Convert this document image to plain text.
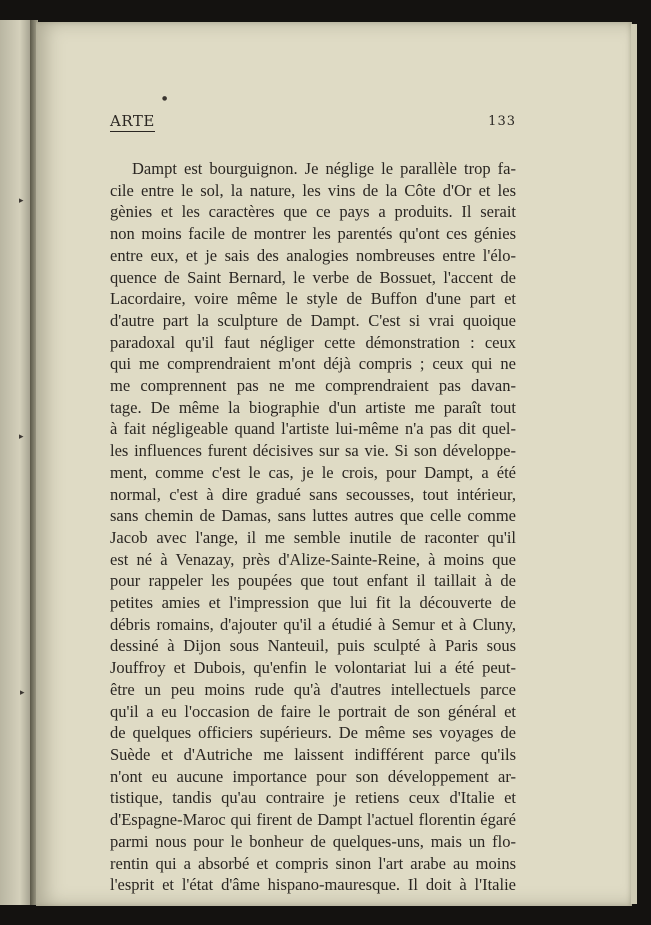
▸
▸
▸
●
ARTE	133
Dampt est bourguignon. Je néglige le parallèle trop fa-
cile entre le sol, la nature, les vins de la Côte d'Or et les
gènies et les caractères que ce pays a produits. Il serait
non moins facile de montrer les parentés qu'ont ces génies
entre eux, et je sais des analogies nombreuses entre l'élo-
quence de Saint Bernard, le verbe de Bossuet, l'accent de
Lacordaire, voire même le style de Buffon d'une part et
d'autre part la sculpture de Dampt. C'est si vrai quoique
paradoxal qu'il faut négliger cette démonstration : ceux
qui me comprendraient m'ont déjà compris ; ceux qui ne
me comprennent pas ne me comprendraient pas davan-
tage. De même la biographie d'un artiste me paraît tout
à fait négligeable quand l'artiste lui-même n'a pas dit quel-
les influences furent décisives sur sa vie. Si son développe-
ment, comme c'est le cas, je le crois, pour Dampt, a été
normal, c'est à dire gradué sans secousses, tout intérieur,
sans chemin de Damas, sans luttes autres que celle comme
Jacob avec l'ange, il me semble inutile de raconter qu'il
est né à Venazay, près d'Alize-Sainte-Reine, à moins que
pour rappeler les poupées que tout enfant il taillait à de
petites amies et l'impression que lui fit la découverte de
débris romains, d'ajouter qu'il a étudié à Semur et à Cluny,
dessiné à Dijon sous Nanteuil, puis sculpté à Paris sous
Jouffroy et Dubois, qu'enfin le volontariat lui a été peut-
être un peu moins rude qu'à d'autres intellectuels parce
qu'il a eu l'occasion de faire le portrait de son général et
de quelques officiers supérieurs. De même ses voyages de
Suède et d'Autriche me laissent indifférent parce qu'ils
n'ont eu aucune importance pour son développement ar-
tistique, tandis qu'au contraire je retiens ceux d'Italie et
d'Espagne-Maroc qui firent de Dampt l'actuel florentin égaré
parmi nous pour le bonheur de quelques-uns, mais un flo-
rentin qui a absorbé et compris sinon l'art arabe au moins
l'esprit et l'état d'âme hispano-mauresque. Il doit à l'Italie
